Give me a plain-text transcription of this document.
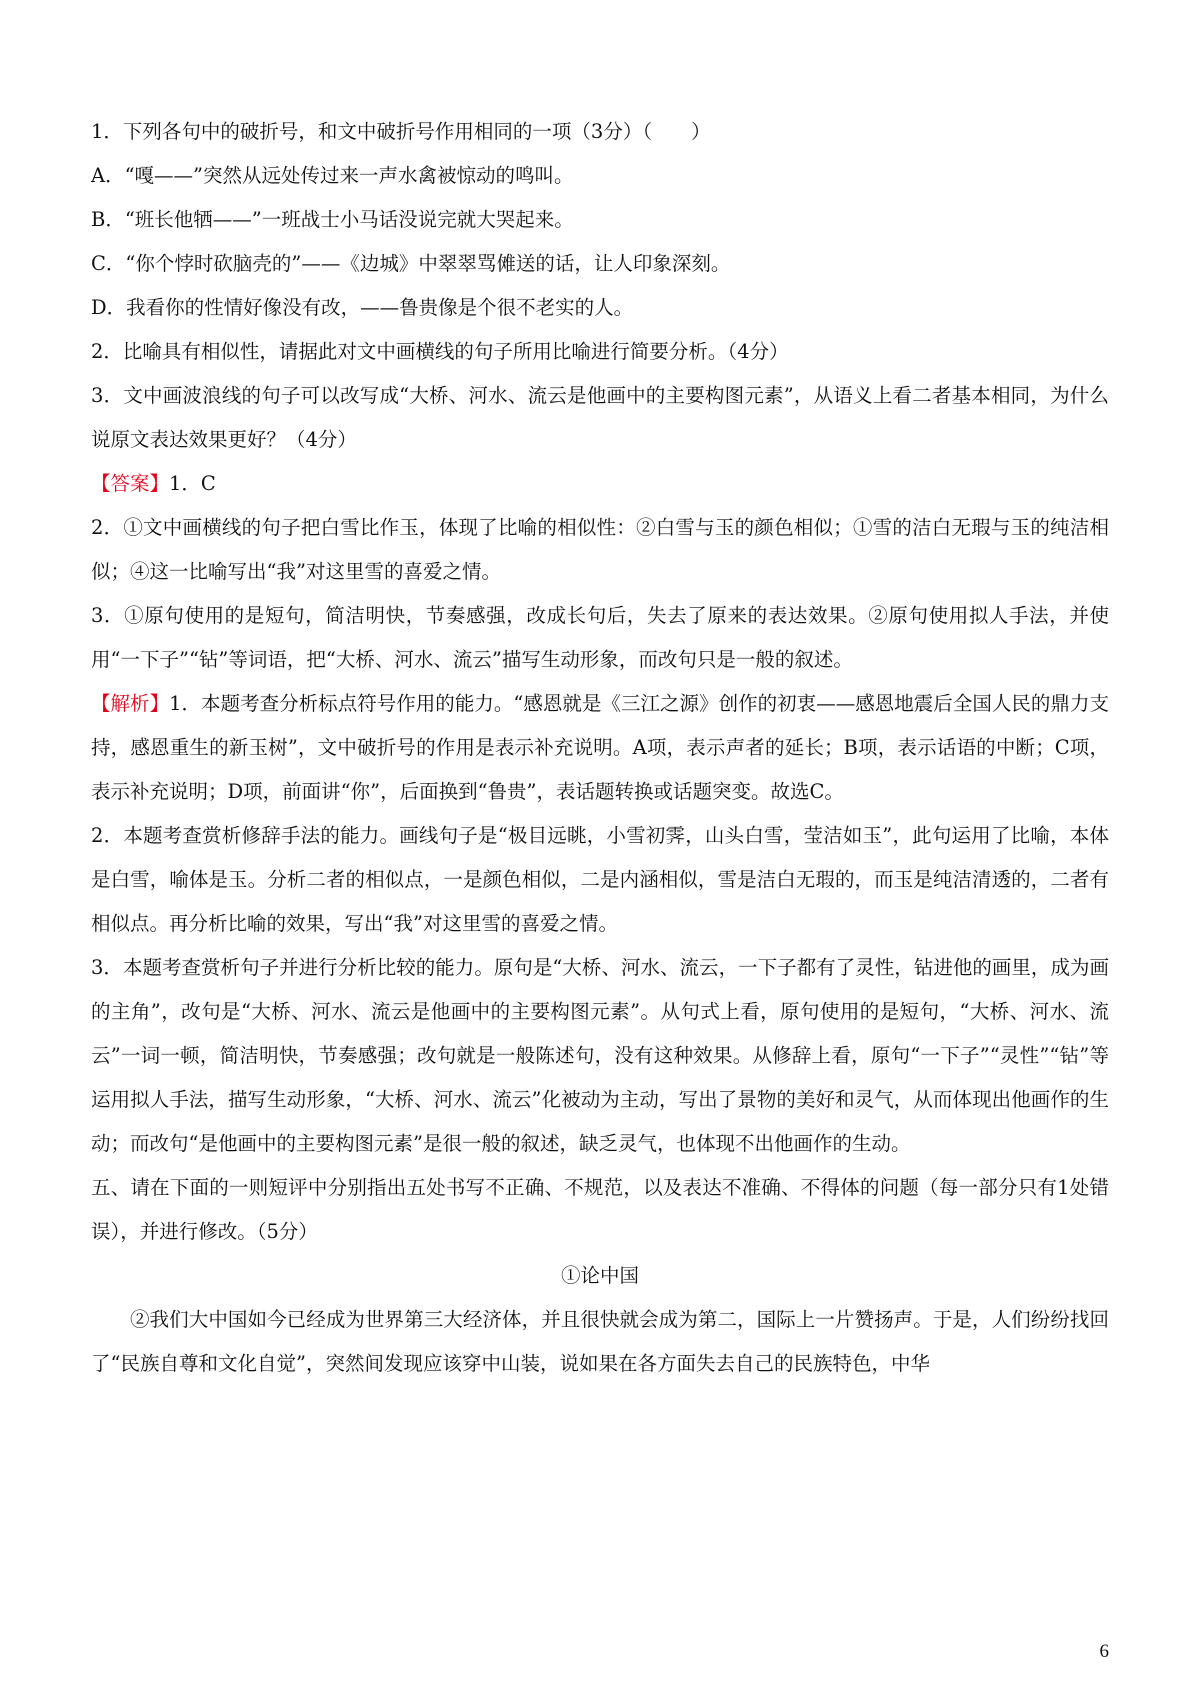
1．下列各句中的破折号，和文中破折号作用相同的一项（3分）（　　）

A．“嘎——”突然从远处传过来一声水禽被惊动的鸣叫。

B．“班长他牺——”一班战士小马话没说完就大哭起来。

C．“你个悖时砍脑壳的”——《边城》中翠翠骂傩送的话，让人印象深刻。

D．我看你的性情好像没有改，——鲁贵像是个很不老实的人。

2．比喻具有相似性，请据此对文中画横线的句子所用比喻进行简要分析。（4分）

3．文中画波浪线的句子可以改写成“大桥、河水、流云是他画中的主要构图元素”，从语义上看二者基本相同，为什么说原文表达效果更好？（4分）

【答案】1．C

2．①文中画横线的句子把白雪比作玉，体现了比喻的相似性：②白雪与玉的颜色相似；①雪的洁白无瑕与玉的纯洁相似；④这一比喻写出“我”对这里雪的喜爱之情。

3．①原句使用的是短句，简洁明快，节奏感强，改成长句后，失去了原来的表达效果。②原句使用拟人手法，并使用“一下子”“钻”等词语，把“大桥、河水、流云”描写生动形象，而改句只是一般的叙述。

【解析】1．本题考查分析标点符号作用的能力。“感恩就是《三江之源》创作的初衷——感恩地震后全国人民的鼎力支持，感恩重生的新玉树”，文中破折号的作用是表示补充说明。A项，表示声者的延长；B项，表示话语的中断；C项，表示补充说明；D项，前面讲“你”，后面换到“鲁贵”，表话题转换或话题突变。故选C。

2．本题考查赏析修辞手法的能力。画线句子是“极目远眺，小雪初霁，山头白雪，莹洁如玉”，此句运用了比喻，本体是白雪，喻体是玉。分析二者的相似点，一是颜色相似，二是内涵相似，雪是洁白无瑕的，而玉是纯洁清透的，二者有相似点。再分析比喻的效果，写出“我”对这里雪的喜爱之情。

3．本题考查赏析句子并进行分析比较的能力。原句是“大桥、河水、流云，一下子都有了灵性，钻进他的画里，成为画的主角”，改句是“大桥、河水、流云是他画中的主要构图元素”。从句式上看，原句使用的是短句，“大桥、河水、流云”一词一顿，简洁明快，节奏感强；改句就是一般陈述句，没有这种效果。从修辞上看，原句“一下子”“灵性”“钻”等运用拟人手法，描写生动形象，“大桥、河水、流云”化被动为主动，写出了景物的美好和灵气，从而体现出他画作的生动；而改句“是他画中的主要构图元素”是很一般的叙述，缺乏灵气，也体现不出他画作的生动。

五、请在下面的一则短评中分别指出五处书写不正确、不规范，以及表达不准确、不得体的问题（每一部分只有1处错误），并进行修改。（5分）

①论中国

②我们大中国如今已经成为世界第三大经济体，并且很快就会成为第二，国际上一片赞扬声。于是，人们纷纷找回了“民族自尊和文化自觉”，突然间发现应该穿中山装，说如果在各方面失去自己的民族特色，中华

6
